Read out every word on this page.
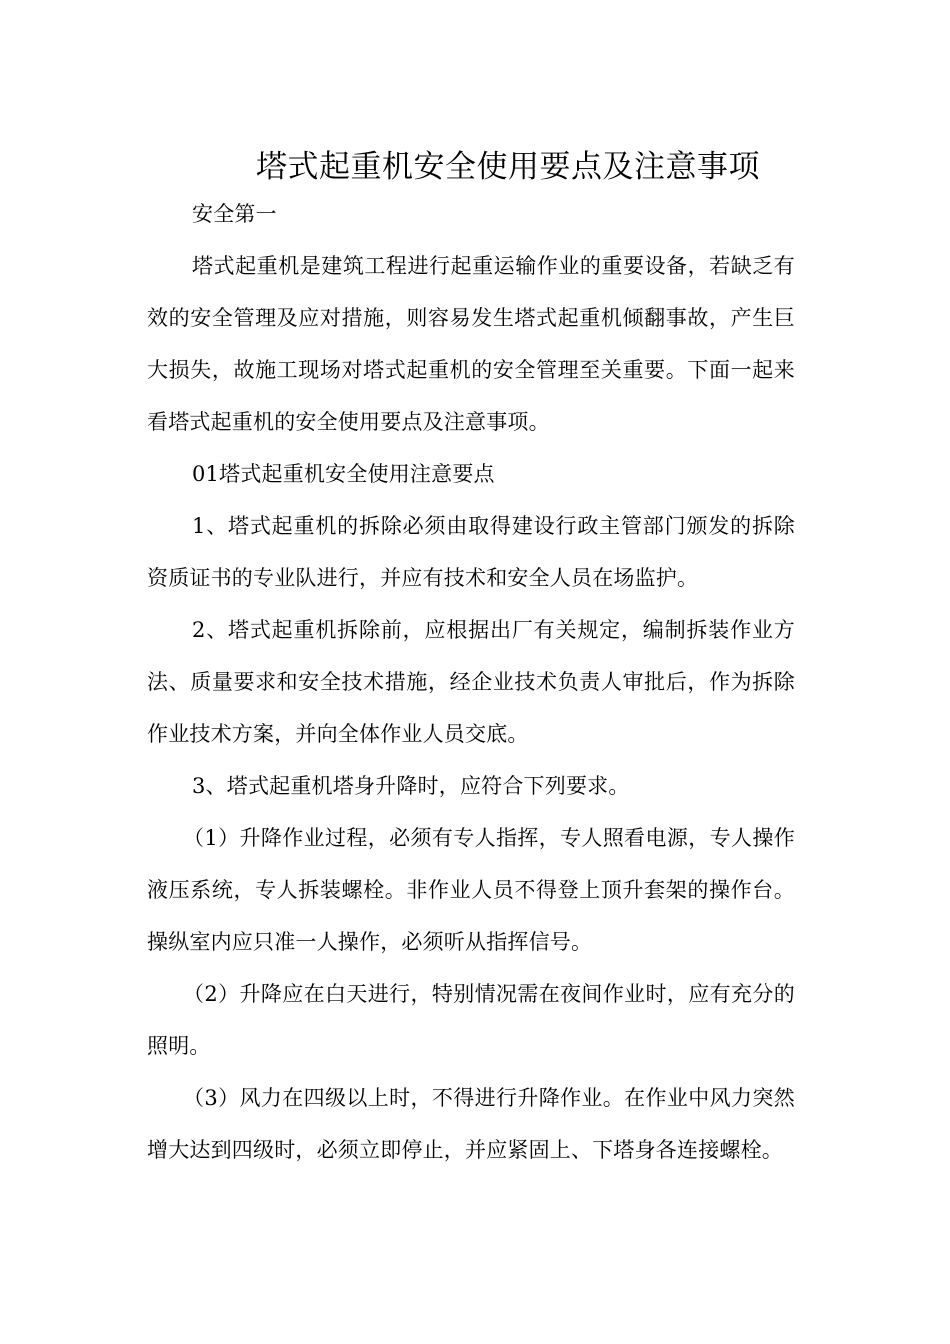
塔式起重机安全使用要点及注意事项

安全第一

塔式起重机是建筑工程进行起重运输作业的重要设备，若缺乏有效的安全管理及应对措施，则容易发生塔式起重机倾翻事故，产生巨大损失，故施工现场对塔式起重机的安全管理至关重要。下面一起来看塔式起重机的安全使用要点及注意事项。

01塔式起重机安全使用注意要点

1、塔式起重机的拆除必须由取得建设行政主管部门颁发的拆除资质证书的专业队进行，并应有技术和安全人员在场监护。

2、塔式起重机拆除前，应根据出厂有关规定，编制拆装作业方法、质量要求和安全技术措施，经企业技术负责人审批后，作为拆除作业技术方案，并向全体作业人员交底。

3、塔式起重机塔身升降时，应符合下列要求。

（1）升降作业过程，必须有专人指挥，专人照看电源，专人操作液压系统，专人拆装螺栓。非作业人员不得登上顶升套架的操作台。操纵室内应只准一人操作，必须听从指挥信号。

（2）升降应在白天进行，特别情况需在夜间作业时，应有充分的照明。

（3）风力在四级以上时，不得进行升降作业。在作业中风力突然增大达到四级时，必须立即停止，并应紧固上、下塔身各连接螺栓。
